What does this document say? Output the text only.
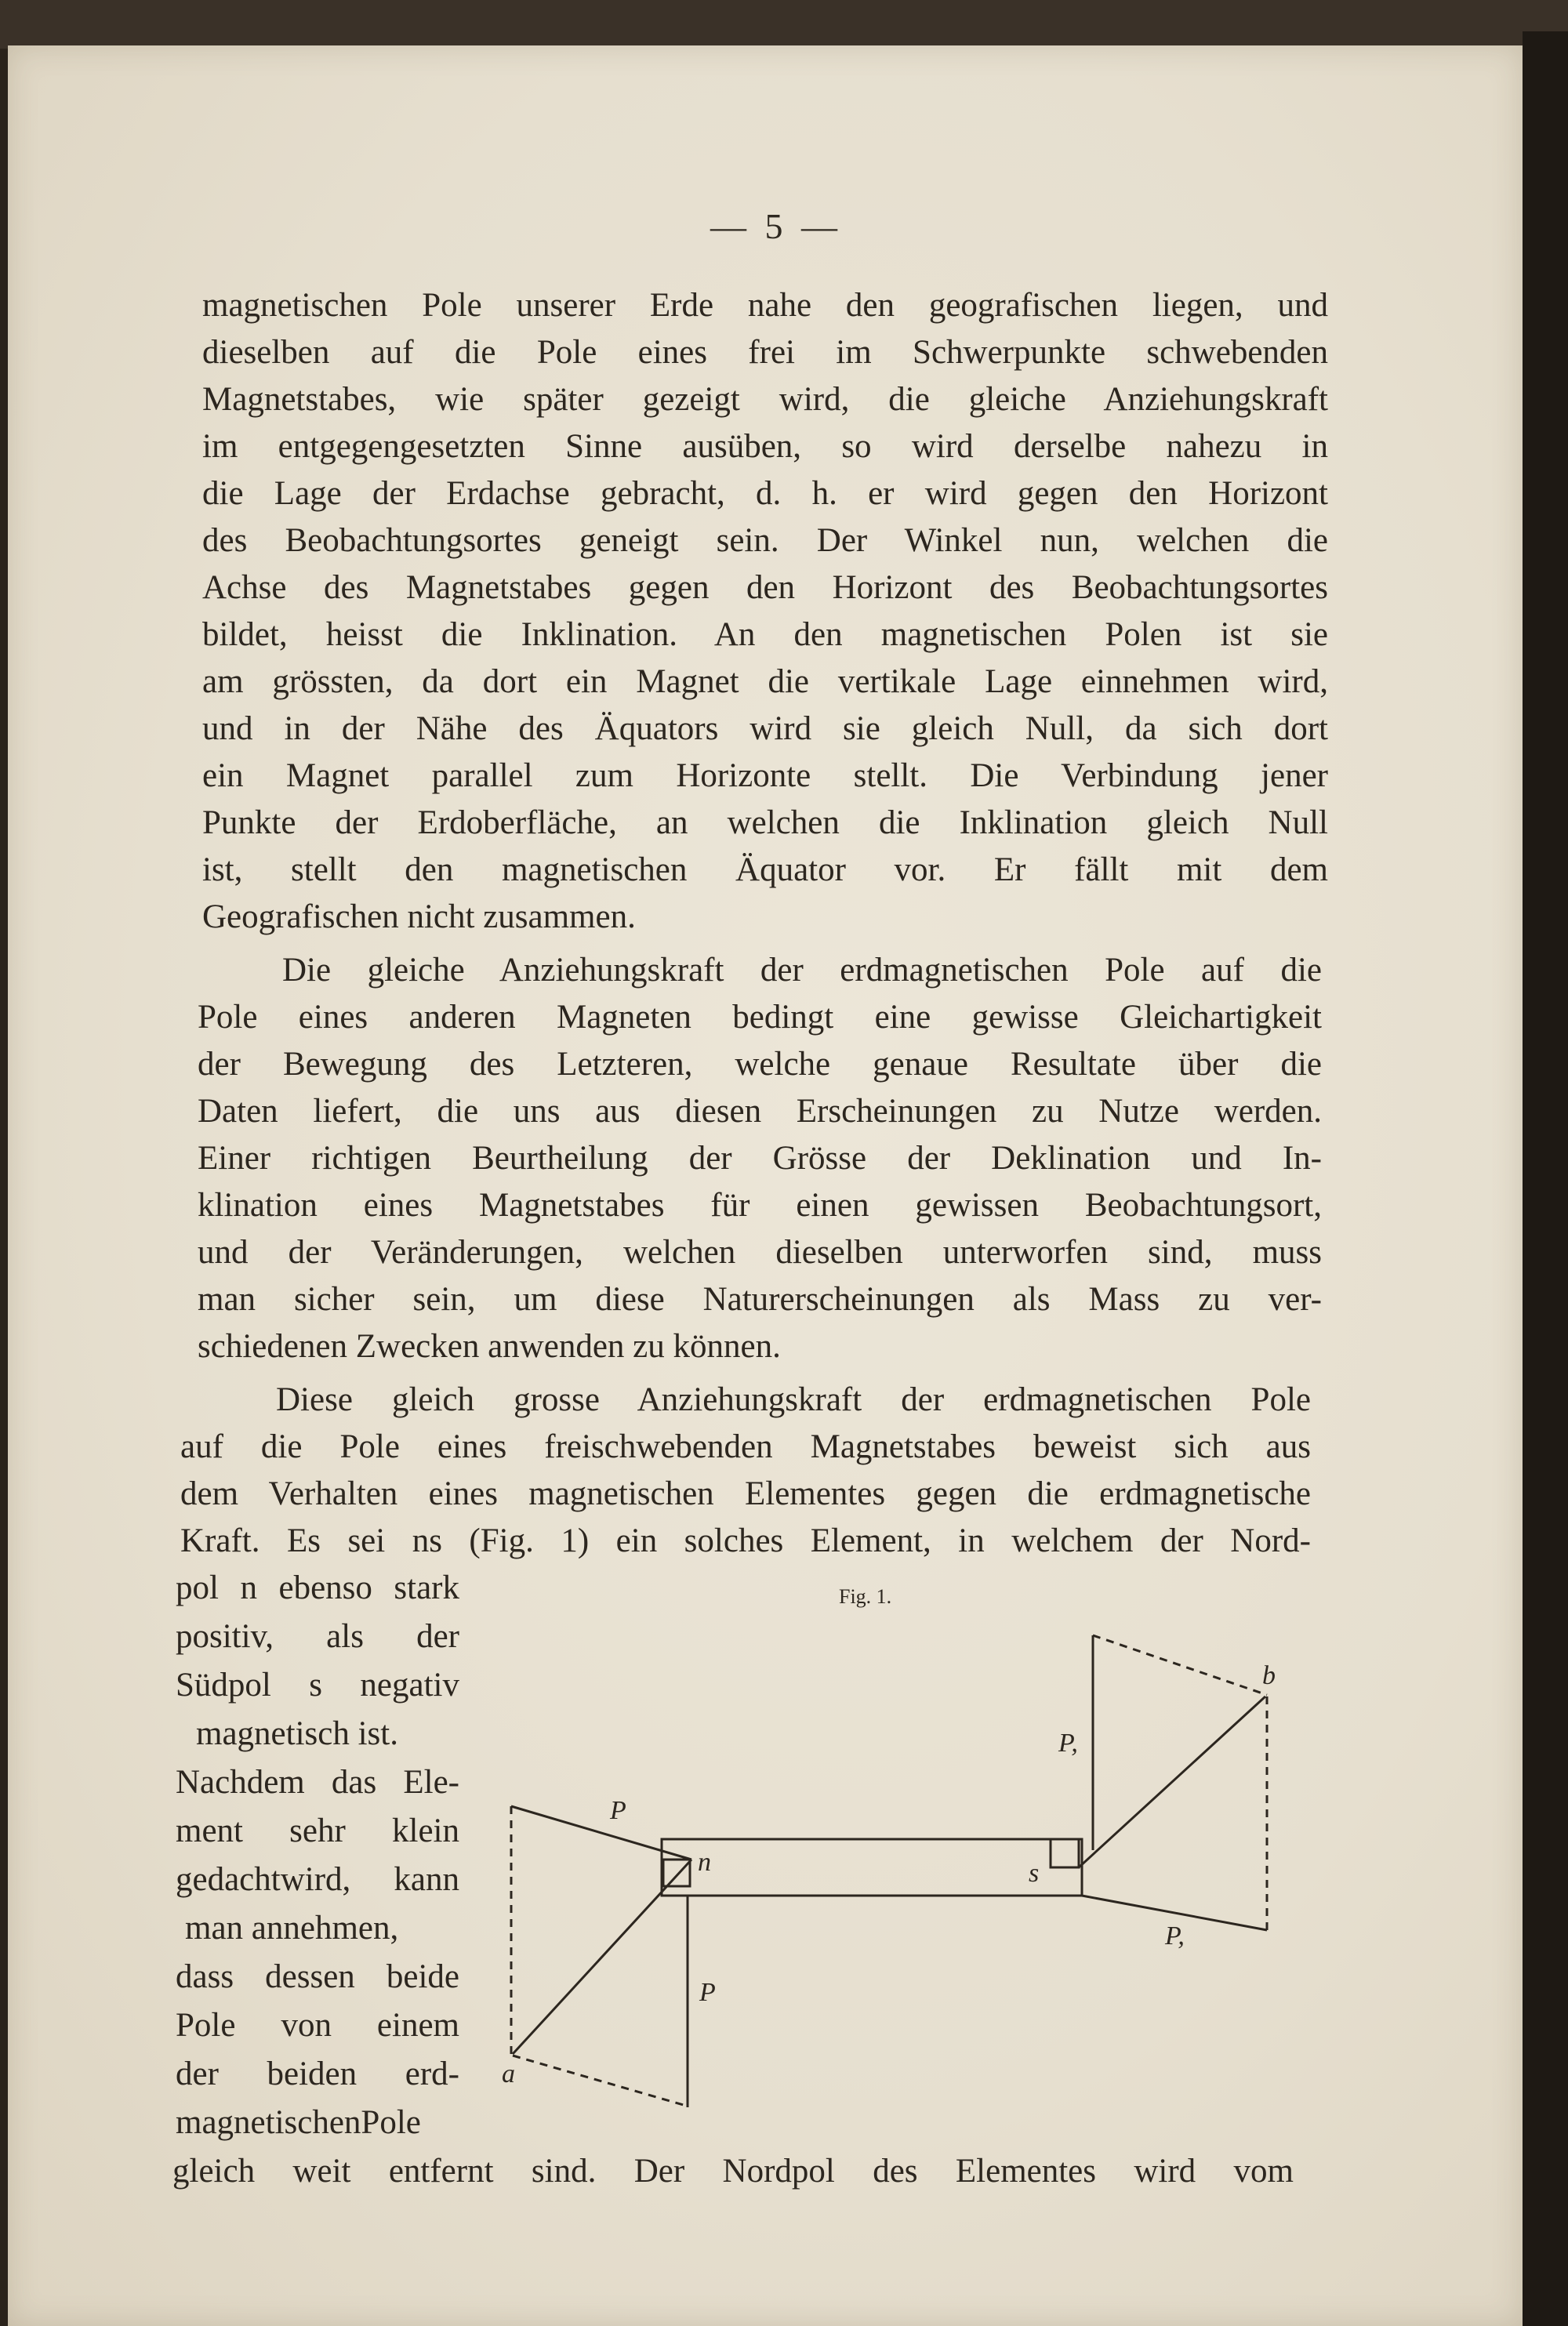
— 5 —
magnetischen Pole unserer Erde nahe den geografischen liegen, und
dieselben auf die Pole eines frei im Schwerpunkte schwebenden
Magnetstabes, wie später gezeigt wird, die gleiche Anziehungskraft
im entgegengesetzten Sinne ausüben, so wird derselbe nahezu in
die Lage der Erdachse gebracht, d. h. er wird gegen den Horizont
des Beobachtungsortes geneigt sein. Der Winkel nun, welchen die
Achse des Magnetstabes gegen den Horizont des Beobachtungsortes
bildet, heisst die Inklination. An den magnetischen Polen ist sie
am grössten, da dort ein Magnet die vertikale Lage einnehmen wird,
und in der Nähe des Äquators wird sie gleich Null, da sich dort
ein Magnet parallel zum Horizonte stellt. Die Verbindung jener
Punkte der Erdoberfläche, an welchen die Inklination gleich Null
ist, stellt den magnetischen Äquator vor. Er fällt mit dem
Geografischen nicht zusammen.
Die gleiche Anziehungskraft der erdmagnetischen Pole auf die
Pole eines anderen Magneten bedingt eine gewisse Gleichartigkeit
der Bewegung des Letzteren, welche genaue Resultate über die
Daten liefert, die uns aus diesen Erscheinungen zu Nutze werden.
Einer richtigen Beurtheilung der Grösse der Deklination und In-
klination eines Magnetstabes für einen gewissen Beobachtungsort,
und der Veränderungen, welchen dieselben unterworfen sind, muss
man sicher sein, um diese Naturerscheinungen als Mass zu ver-
schiedenen Zwecken anwenden zu können.
Diese gleich grosse Anziehungskraft der erdmagnetischen Pole
auf die Pole eines freischwebenden Magnetstabes beweist sich aus
dem Verhalten eines magnetischen Elementes gegen die erdmagnetische
Kraft. Es sei ns (Fig. 1) ein solches Element, in welchem der Nord-
pol n ebenso stark
positiv, als der
Südpol s negativ
magnetisch ist.
Nachdem das Ele-
ment sehr klein
gedachtwird, kann
man annehmen,
dass dessen beide
Pole von einem
der beiden erd-
magnetischenPole
gleich weit entfernt sind. Der Nordpol des Elementes wird vom
Fig. 1.
n	s
a
b
P
P
P,
P,
